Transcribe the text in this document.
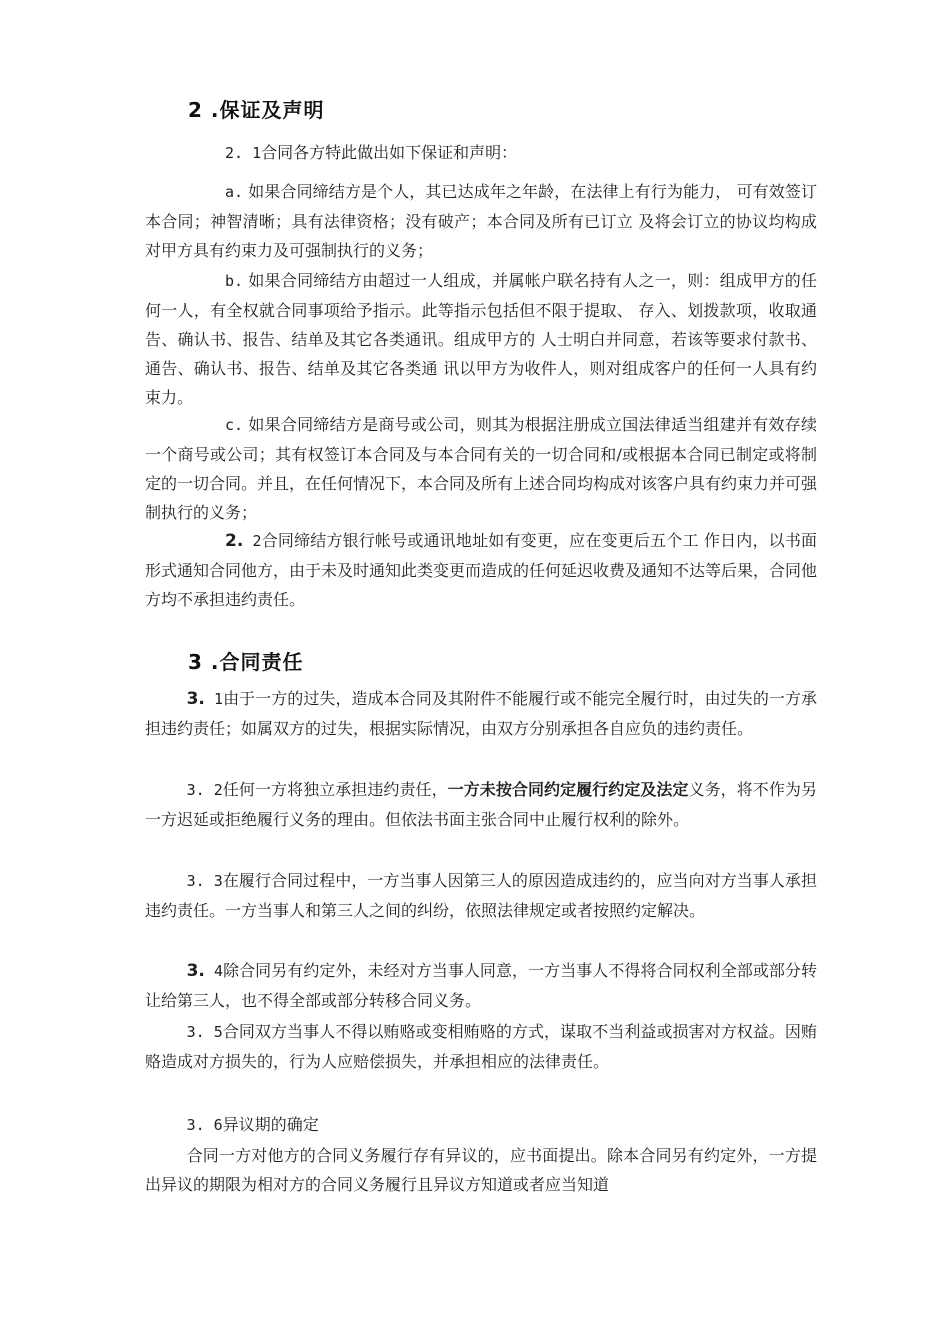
2 .保证及声明

2. 1合同各方特此做出如下保证和声明：

a. 如果合同缔结方是个人，其已达成年之年龄，在法律上有行为能力， 可有效签订本合同；神智清晰；具有法律资格；没有破产；本合同及所有已订立 及将会订立的协议均构成对甲方具有约束力及可强制执行的义务；

b. 如果合同缔结方由超过一人组成，并属帐户联名持有人之一，则：组成甲方的任何一人，有全权就合同事项给予指示。此等指示包括但不限于提取、 存入、划拨款项，收取通告、确认书、报告、结单及其它各类通讯。组成甲方的 人士明白并同意，若该等要求付款书、通告、确认书、报告、结单及其它各类通 讯以甲方为收件人，则对组成客户的任何一人具有约束力。

c. 如果合同缔结方是商号或公司，则其为根据注册成立国法律适当组建并有效存续一个商号或公司；其有权签订本合同及与本合同有关的一切合同和/或根据本合同已制定或将制定的一切合同。并且，在任何情况下，本合同及所有上述合同均构成对该客户具有约束力并可强制执行的义务；

2. 2合同缔结方银行帐号或通讯地址如有变更，应在变更后五个工 作日内，以书面形式通知合同他方，由于未及时通知此类变更而造成的任何延迟收费及通知不达等后果，合同他方均不承担违约责任。

3 .合同责任

3. 1由于一方的过失，造成本合同及其附件不能履行或不能完全履行时，由过失的一方承担违约责任；如属双方的过失，根据实际情况，由双方分别承担各自应负的违约责任。

3. 2任何一方将独立承担违约责任，一方未按合同约定履行约定及法定义务，将不作为另一方迟延或拒绝履行义务的理由。但依法书面主张合同中止履行权利的除外。

3. 3在履行合同过程中，一方当事人因第三人的原因造成违约的，应当向对方当事人承担违约责任。一方当事人和第三人之间的纠纷，依照法律规定或者按照约定解决。

3. 4除合同另有约定外，未经对方当事人同意，一方当事人不得将合同权利全部或部分转让给第三人，也不得全部或部分转移合同义务。

3. 5合同双方当事人不得以贿赂或变相贿赂的方式，谋取不当利益或损害对方权益。因贿赂造成对方损失的，行为人应赔偿损失，并承担相应的法律责任。

3. 6异议期的确定

合同一方对他方的合同义务履行存有异议的，应书面提出。除本合同另有约定外，一方提出异议的期限为相对方的合同义务履行且异议方知道或者应当知道
